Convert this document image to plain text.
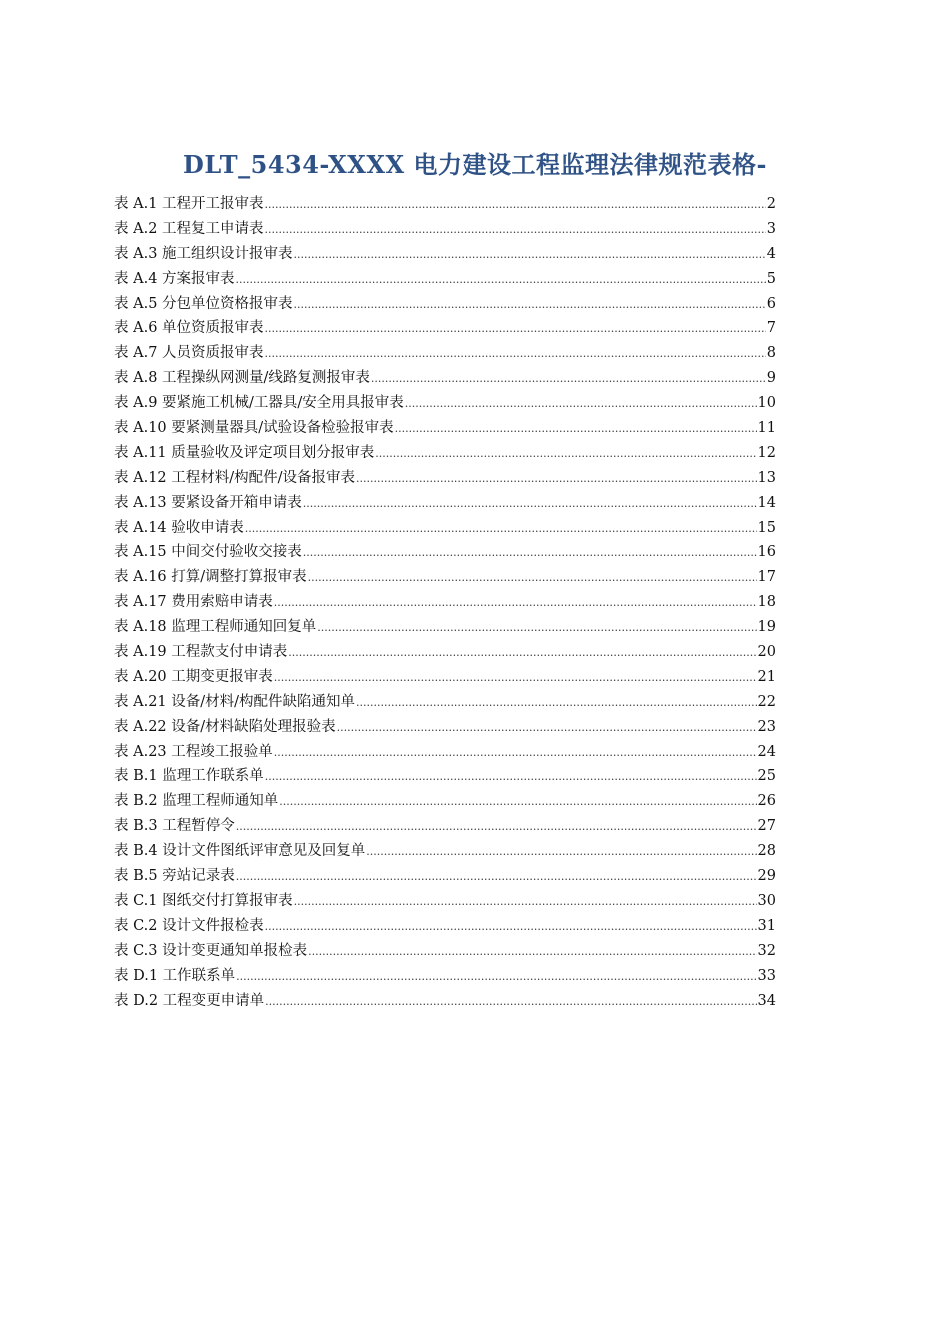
DLT_5434-XXXX 电力建设工程监理法律规范表格-
表 A.1 工程开工报审表 .....	2
表 A.2 工程复工申请表 .....	3
表 A.3 施工组织设计报审表 .....	4
表 A.4 方案报审表 .....	5
表 A.5 分包单位资格报审表 .....	6
表 A.6 单位资质报审表 .....	7
表 A.7 人员资质报审表 .....	8
表 A.8 工程操纵网测量/线路复测报审表 .....	9
表 A.9 要紧施工机械/工器具/安全用具报审表 .....	10
表 A.10 要紧测量器具/试验设备检验报审表 .....	11
表 A.11 质量验收及评定项目划分报审表 .....	12
表 A.12 工程材料/构配件/设备报审表 .....	13
表 A.13 要紧设备开箱申请表 .....	14
表 A.14 验收申请表 .....	15
表 A.15 中间交付验收交接表 .....	16
表 A.16 打算/调整打算报审表 .....	17
表 A.17 费用索赔申请表 .....	18
表 A.18 监理工程师通知回复单 .....	19
表 A.19 工程款支付申请表 .....	20
表 A.20 工期变更报审表 .....	21
表 A.21 设备/材料/构配件缺陷通知单 .....	22
表 A.22 设备/材料缺陷处理报验表 .....	23
表 A.23 工程竣工报验单 .....	24
表 B.1 监理工作联系单 .....	25
表 B.2 监理工程师通知单 .....	26
表 B.3 工程暂停令 .....	27
表 B.4 设计文件图纸评审意见及回复单 .....	28
表 B.5 旁站记录表 .....	29
表 C.1 图纸交付打算报审表 .....	30
表 C.2 设计文件报检表 .....	31
表 C.3 设计变更通知单报检表 .....	32
表 D.1 工作联系单 .....	33
表 D.2 工程变更申请单 .....	34
